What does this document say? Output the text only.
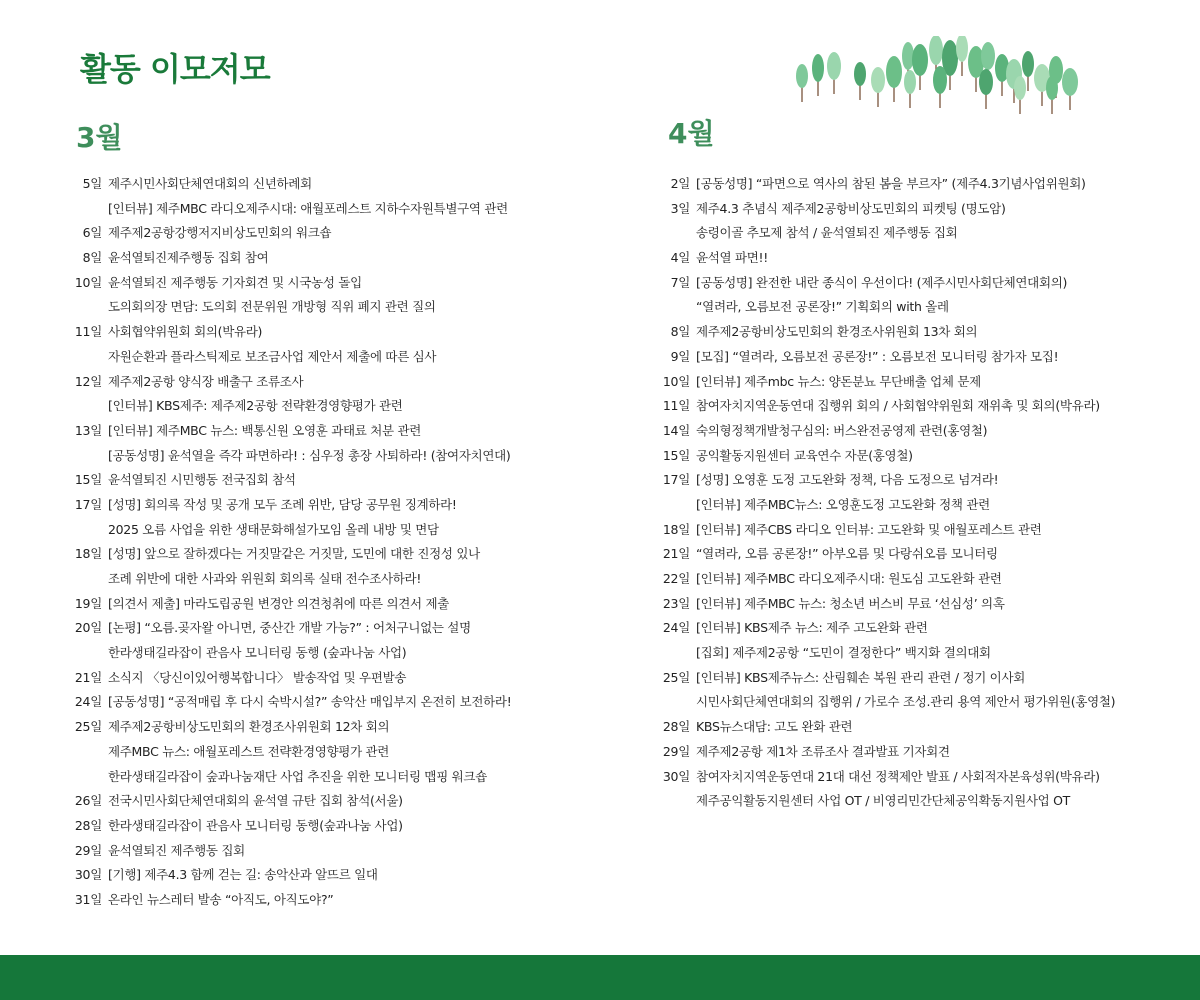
활동 이모저모
3월	4월
5일 제주시민사회단체연대회의 신년하례회
[인터뷰] 제주MBC 라디오제주시대: 애월포레스트 지하수자원특별구역 관련
6일 제주제2공항강행저지비상도민회의 워크숍
8일 윤석열퇴진제주행동 집회 참여
10일 윤석열퇴진 제주행동 기자회견 및 시국농성 돌입
도의회의장 면담: 도의회 전문위원 개방형 직위 폐지 관련 질의
11일 사회협약위원회 회의(박유라)
자원순환과 플라스틱제로 보조금사업 제안서 제출에 따른 심사
12일 제주제2공항 양식장 배출구 조류조사
[인터뷰] KBS제주: 제주제2공항 전략환경영향평가 관련
13일 [인터뷰] 제주MBC 뉴스: 백통신원 오영훈 과태료 처분 관련
[공동성명] 윤석열을 즉각 파면하라! : 심우정 총장 사퇴하라! (참여자치연대)
15일 윤석열퇴진 시민행동 전국집회 참석
17일 [성명] 회의록 작성 및 공개 모두 조례 위반, 담당 공무원 징계하라!
2025 오름 사업을 위한 생태문화해설가모임 올레 내방 및 면담
18일 [성명] 앞으로 잘하겠다는 거짓말같은 거짓말, 도민에 대한 진정성 있나
조례 위반에 대한 사과와 위원회 회의록 실태 전수조사하라!
19일 [의견서 제출] 마라도립공원 변경안 의견청취에 따른 의견서 제출
20일 [논평] “오름.곶자왈 아니면, 중산간 개발 가능?” : 어처구니없는 설명
한라생태길라잡이 관음사 모니터링 동행 (숲과나눔 사업)
21일 소식지 〈당신이있어행복합니다〉 발송작업 및 우편발송
24일 [공동성명] “공적매립 후 다시 숙박시설?” 송악산 매입부지 온전히 보전하라!
25일 제주제2공항비상도민회의 환경조사위원회 12차 회의
제주MBC 뉴스: 애월포레스트 전략환경영향평가 관련
한라생태길라잡이 숲과나눔재단 사업 추진을 위한 모니터링 맵핑 워크숍
26일 전국시민사회단체연대회의 윤석열 규탄 집회 참석(서울)
28일 한라생태길라잡이 관음사 모니터링 동행(숲과나눔 사업)
29일 윤석열퇴진 제주행동 집회
30일 [기행] 제주4.3 함께 걷는 길: 송악산과 알뜨르 일대
31일 온라인 뉴스레터 발송 “아직도, 아직도야?”
2일 [공동성명] “파면으로 역사의 참된 봄을 부르자” (제주4.3기념사업위원회)
3일 제주4.3 추념식 제주제2공항비상도민회의 피켓팅 (명도암)
송령이골 추모제 참석 / 윤석열퇴진 제주행동 집회
4일 윤석열 파면!!
7일 [공동성명] 완전한 내란 종식이 우선이다! (제주시민사회단체연대회의)
“열려라, 오름보전 공론장!” 기획회의 with 올레
8일 제주제2공항비상도민회의 환경조사위원회 13차 회의
9일 [모집] “열려라, 오름보전 공론장!” : 오름보전 모니터링 참가자 모집!
10일 [인터뷰] 제주mbc 뉴스: 양돈분뇨 무단배출 업체 문제
11일 참여자치지역운동연대 집행위 회의 / 사회협약위원회 재위촉 및 회의(박유라)
14일 숙의형정책개발청구심의: 버스완전공영제 관련(홍영철)
15일 공익활동지원센터 교육연수 자문(홍영철)
17일 [성명] 오영훈 도정 고도완화 정책, 다음 도정으로 넘겨라!
[인터뷰] 제주MBC뉴스: 오영훈도정 고도완화 정책 관련
18일 [인터뷰] 제주CBS 라디오 인터뷰: 고도완화 및 애월포레스트 관련
21일 “열려라, 오름 공론장!” 아부오름 및 다랑쉬오름 모니터링
22일 [인터뷰] 제주MBC 라디오제주시대: 원도심 고도완화 관련
23일 [인터뷰] 제주MBC 뉴스: 청소년 버스비 무료 ‘선심성’ 의혹
24일 [인터뷰] KBS제주 뉴스: 제주 고도완화 관련
[집회] 제주제2공항 “도민이 결정한다” 백지화 결의대회
25일 [인터뷰] KBS제주뉴스: 산림훼손 복원 관리 관련 / 정기 이사회
시민사회단체연대회의 집행위 / 가로수 조성.관리 용역 제안서 평가위원(홍영철)
28일 KBS뉴스대담: 고도 완화 관련
29일 제주제2공항 제1차 조류조사 결과발표 기자회견
30일 참여자치지역운동연대 21대 대선 정책제안 발표 / 사회적자본육성위(박유라)
제주공익활동지원센터 사업 OT / 비영리민간단체공익확동지원사업 OT
